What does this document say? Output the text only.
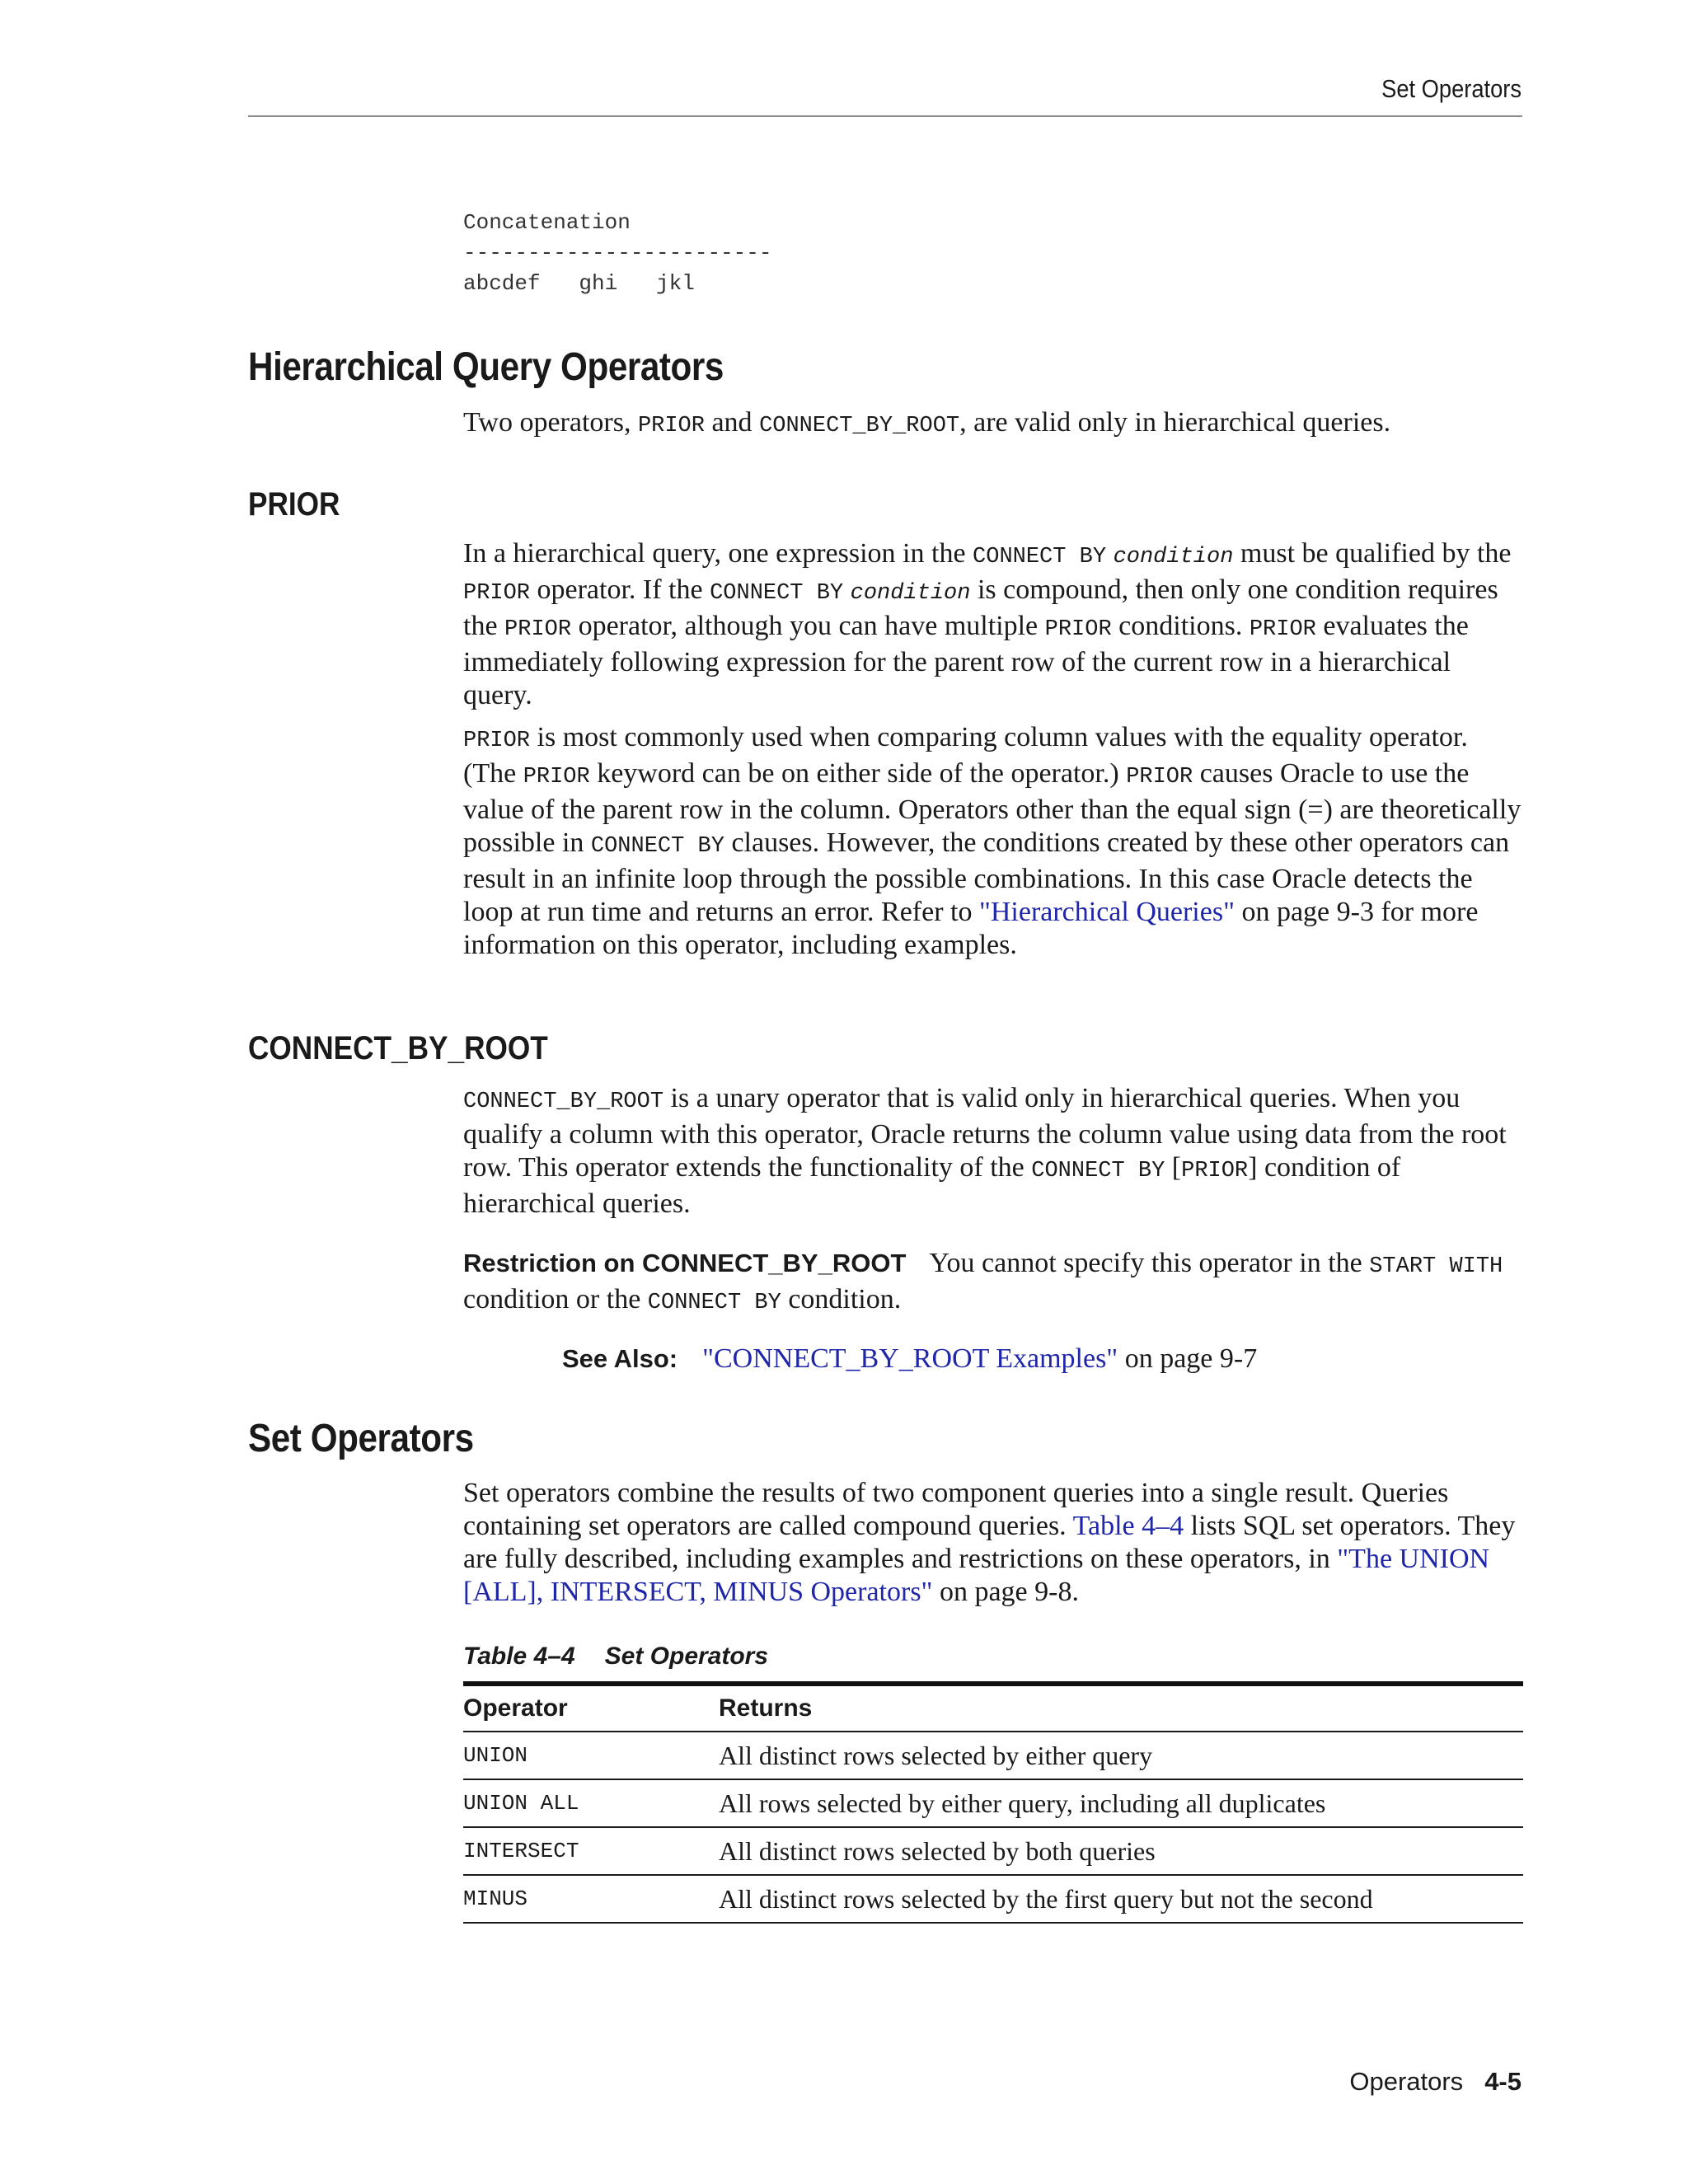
Set Operators
Concatenation
------------------------
abcdef   ghi   jkl
Hierarchical Query Operators

Two operators, PRIOR and CONNECT_BY_ROOT, are valid only in hierarchical queries.

PRIOR

In a hierarchical query, one expression in the CONNECT BY condition must be qualified by the PRIOR operator. If the CONNECT BY condition is compound, then only one condition requires the PRIOR operator, although you can have multiple PRIOR conditions. PRIOR evaluates the immediately following expression for the parent row of the current row in a hierarchical query.

PRIOR is most commonly used when comparing column values with the equality operator. (The PRIOR keyword can be on either side of the operator.) PRIOR causes Oracle to use the value of the parent row in the column. Operators other than the equal sign (=) are theoretically possible in CONNECT BY clauses. However, the conditions created by these other operators can result in an infinite loop through the possible combinations. In this case Oracle detects the loop at run time and returns an error. Refer to "Hierarchical Queries" on page 9-3 for more information on this operator, including examples.

CONNECT_BY_ROOT

CONNECT_BY_ROOT is a unary operator that is valid only in hierarchical queries. When you qualify a column with this operator, Oracle returns the column value using data from the root row. This operator extends the functionality of the CONNECT BY [PRIOR] condition of hierarchical queries.

Restriction on CONNECT_BY_ROOT You cannot specify this operator in the START WITH condition or the CONNECT BY condition.

See Also: "CONNECT_BY_ROOT Examples" on page 9-7

Set Operators

Set operators combine the results of two component queries into a single result. Queries containing set operators are called compound queries. Table 4–4 lists SQL set operators. They are fully described, including examples and restrictions on these operators, in "The UNION [ALL], INTERSECT, MINUS Operators" on page 9-8.

Table 4–4 Set Operators
Operator	Returns
UNION	All distinct rows selected by either query
UNION ALL	All rows selected by either query, including all duplicates
INTERSECT	All distinct rows selected by both queries
MINUS	All distinct rows selected by the first query but not the second
Operators 4-5
